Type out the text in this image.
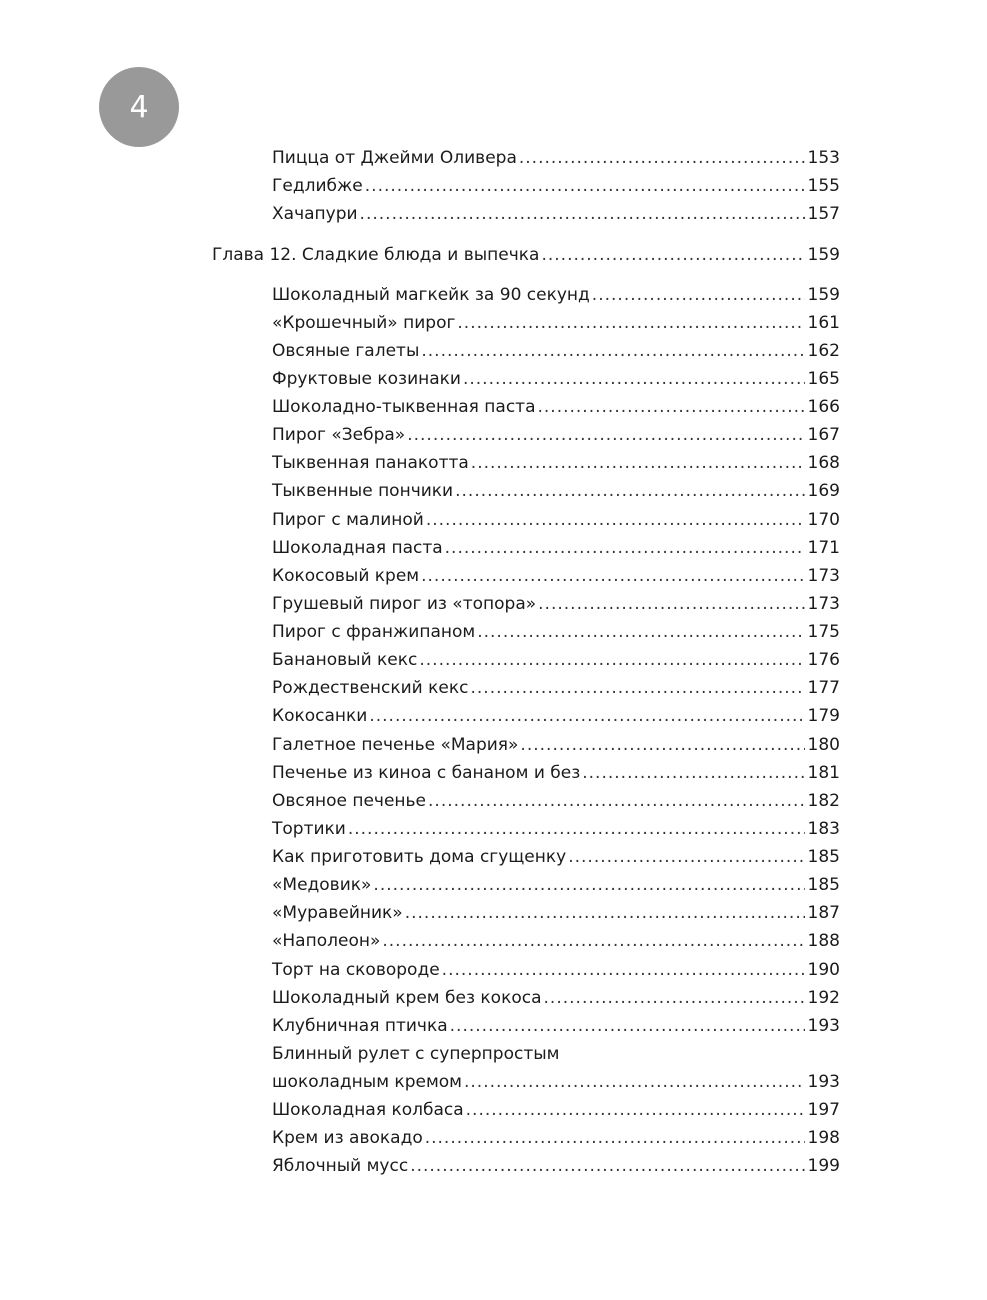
4
Пицца от Джейми Оливера .....	153
Гедлибже .....	155
Хачапури .....	157
Глава 12. Сладкие блюда и выпечка .....	159
Шоколадный магкейк за 90 секунд .....	159
«Крошечный» пирог .....	161
Овсяные галеты .....	162
Фруктовые козинаки .....	165
Шоколадно-тыквенная паста .....	166
Пирог «Зебра» .....	167
Тыквенная панакотта .....	168
Тыквенные пончики .....	169
Пирог с малиной .....	170
Шоколадная паста .....	171
Кокосовый крем .....	173
Грушевый пирог из «топора» .....	173
Пирог с франжипаном .....	175
Банановый кекс .....	176
Рождественский кекс .....	177
Кокосанки .....	179
Галетное печенье «Мария» .....	180
Печенье из киноа с бананом и без .....	181
Овсяное печенье .....	182
Тортики .....	183
Как приготовить дома сгущенку .....	185
«Медовик» .....	185
«Муравейник» .....	187
«Наполеон» .....	188
Торт на сковороде .....	190
Шоколадный крем без кокоса .....	192
Клубничная птичка .....	193
Блинный рулет с суперпростым
шоколадным кремом .....	193
Шоколадная колбаса .....	197
Крем из авокадо .....	198
Яблочный мусс .....	199
